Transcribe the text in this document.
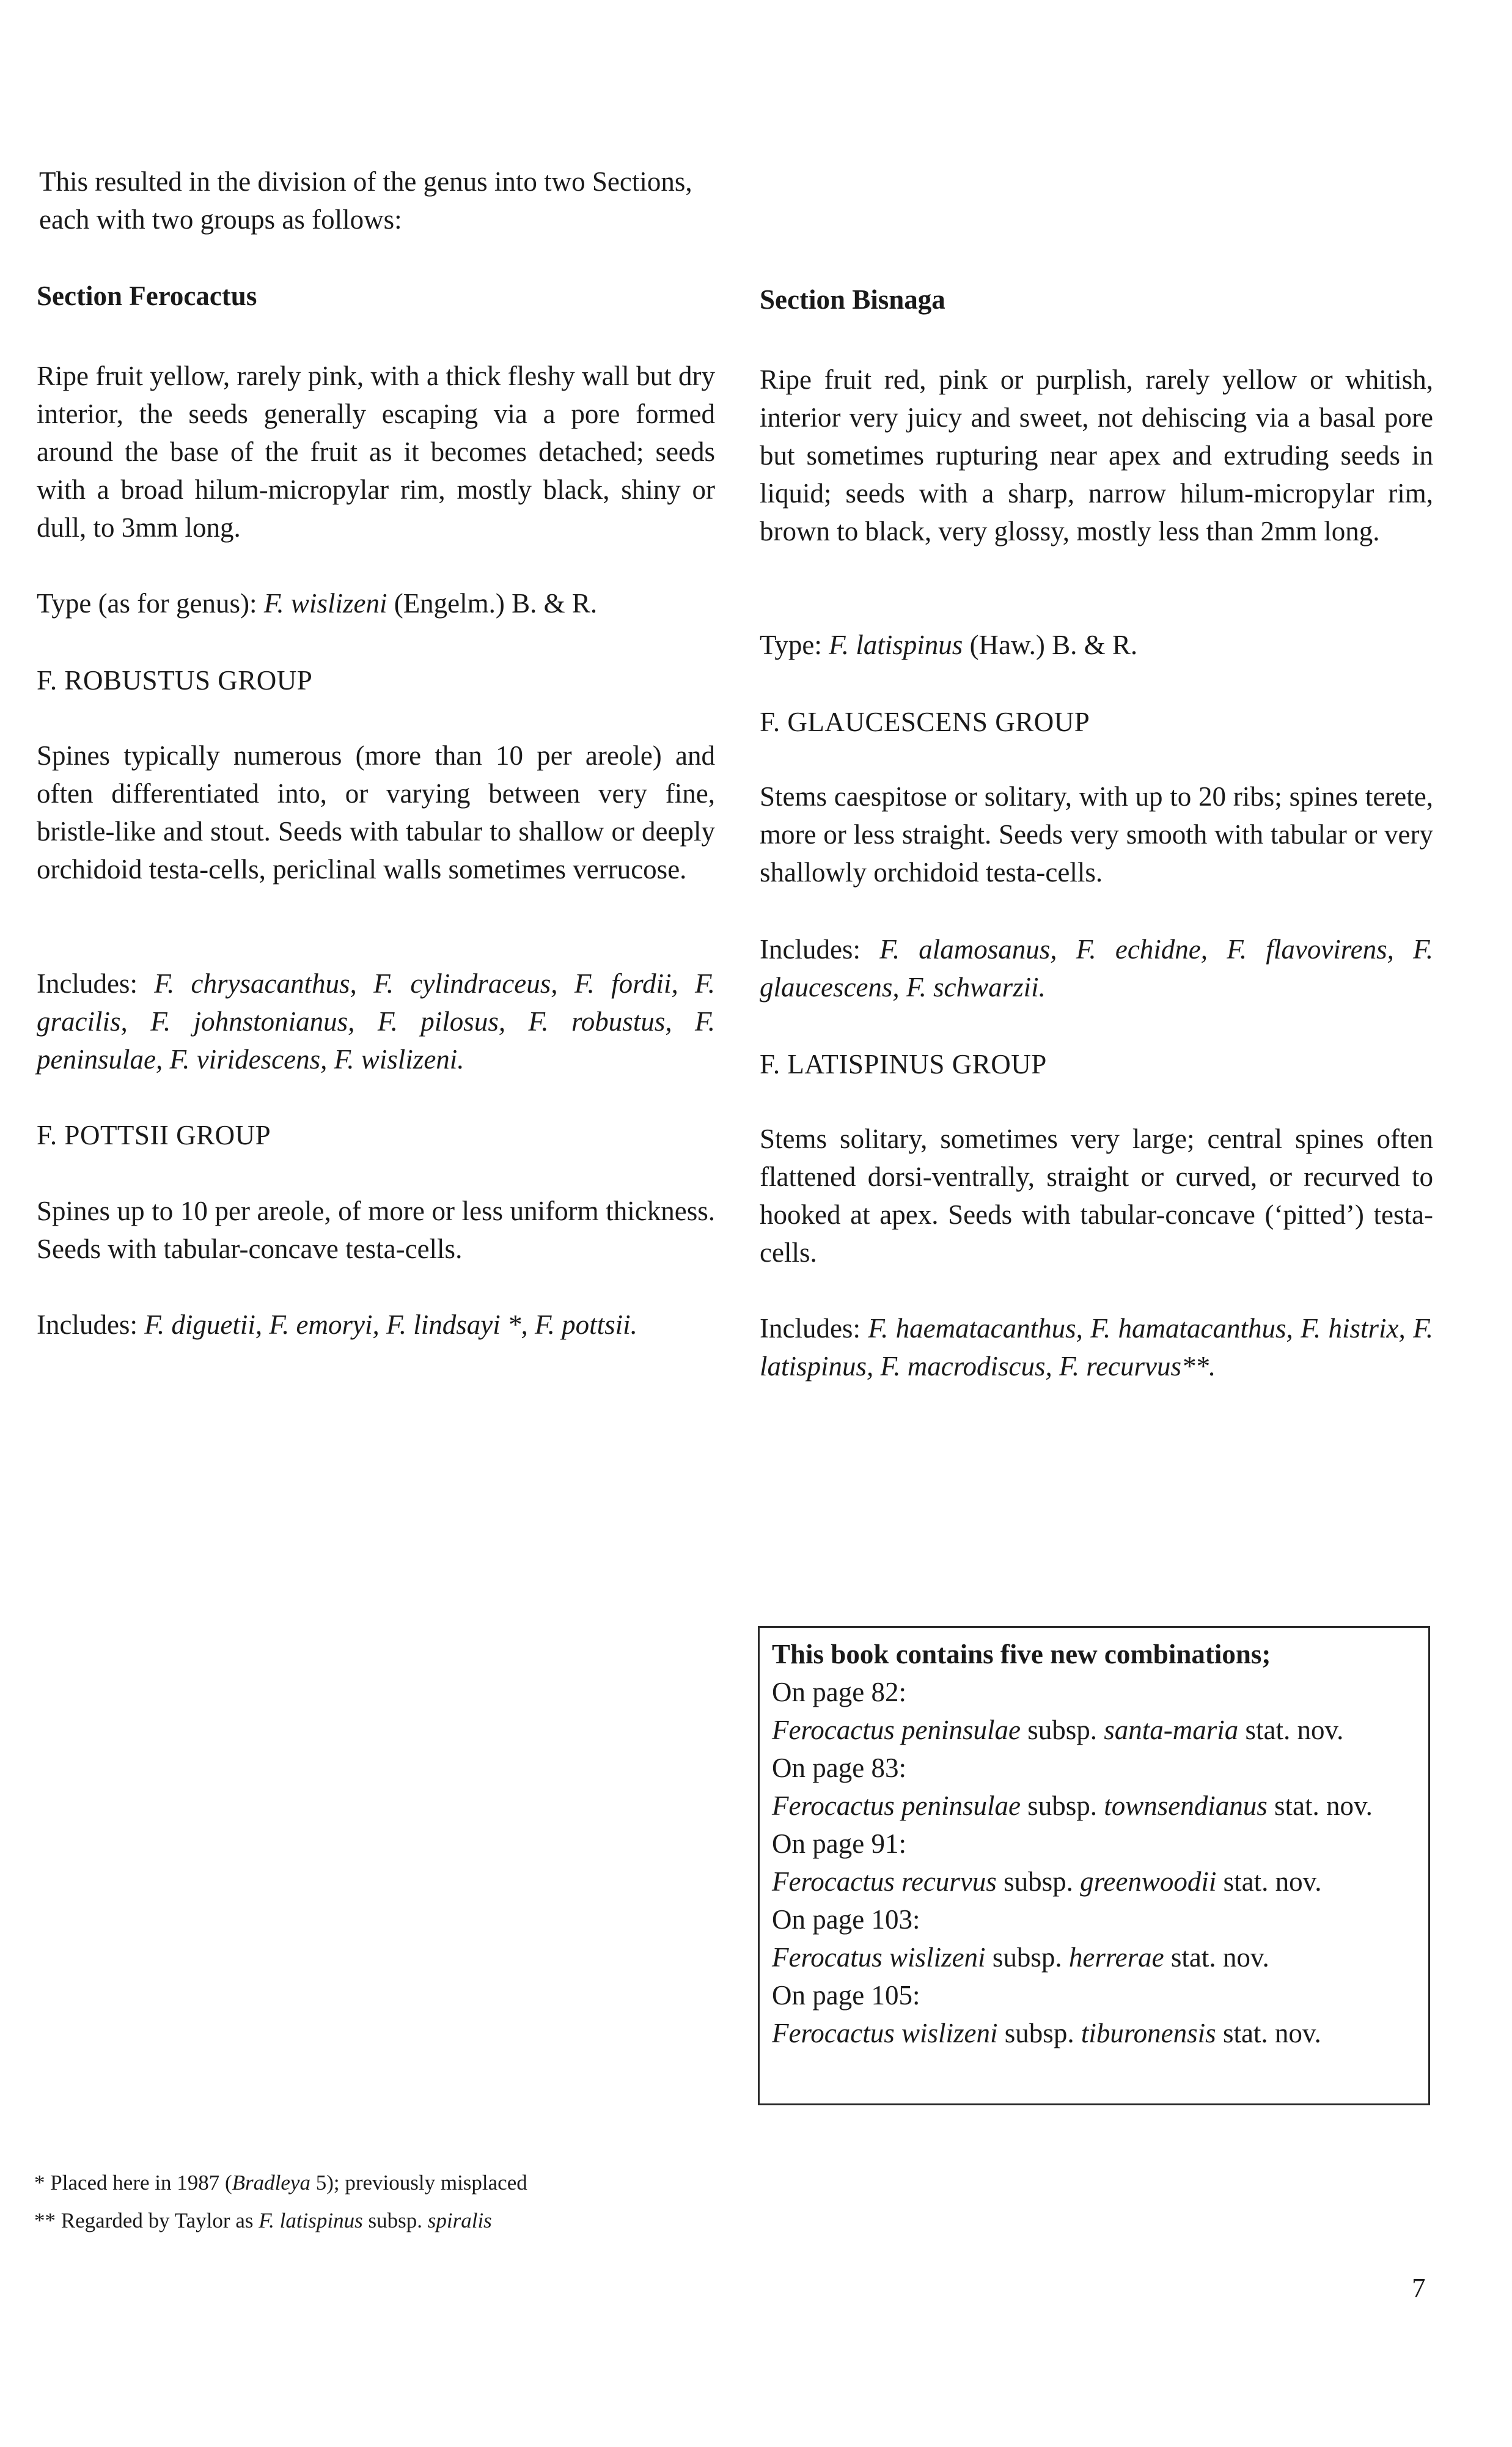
This resulted in the division of the genus into two Sections, each with two groups as follows:

Section Ferocactus

Ripe fruit yellow, rarely pink, with a thick fleshy wall but dry interior, the seeds generally escaping via a pore formed around the base of the fruit as it becomes detached; seeds with a broad hilum-micropylar rim, mostly black, shiny or dull, to 3mm long.

Type (as for genus): F. wislizeni (Engelm.) B. & R.

F. ROBUSTUS GROUP

Spines typically numerous (more than 10 per areole) and often differentiated into, or varying between very fine, bristle-like and stout. Seeds with tabular to shallow or deeply orchidoid testa-cells, periclinal walls sometimes verrucose.

Includes: F. chrysacanthus, F. cylindraceus, F. fordii, F. gracilis, F. johnstonianus, F. pilosus, F. robustus, F. peninsulae, F. viridescens, F. wislizeni.

F. POTTSII GROUP

Spines up to 10 per areole, of more or less uniform thickness. Seeds with tabular-concave testa-cells.

Includes: F. diguetii, F. emoryi, F. lindsayi *, F. pottsii.

Section Bisnaga

Ripe fruit red, pink or purplish, rarely yellow or whitish, interior very juicy and sweet, not dehiscing via a basal pore but sometimes rupturing near apex and extruding seeds in liquid; seeds with a sharp, narrow hilum-micropylar rim, brown to black, very glossy, mostly less than 2mm long.

Type: F. latispinus (Haw.) B. & R.

F. GLAUCESCENS GROUP

Stems caespitose or solitary, with up to 20 ribs; spines terete, more or less straight. Seeds very smooth with tabular or very shallowly orchidoid testa-cells.

Includes: F. alamosanus, F. echidne, F. flavovirens, F. glaucescens, F. schwarzii.

F. LATISPINUS GROUP

Stems solitary, sometimes very large; central spines often flattened dorsi-ventrally, straight or curved, or recurved to hooked at apex. Seeds with tabular-concave (‘pitted’) testa-cells.

Includes: F. haematacanthus, F. hamatacanthus, F. histrix, F. latispinus, F. macrodiscus, F. recurvus**.

This book contains five new combinations;

On page 82:

Ferocactus peninsulae subsp. santa-maria stat. nov.

On page 83:

Ferocactus peninsulae subsp. townsendianus stat. nov.

On page 91:

Ferocactus recurvus subsp. greenwoodii stat. nov.

On page 103:

Ferocatus wislizeni subsp. herrerae stat. nov.

On page 105:

Ferocactus wislizeni subsp. tiburonensis stat. nov.

* Placed here in 1987 (Bradleya 5); previously misplaced

** Regarded by Taylor as F. latispinus subsp. spiralis

7
